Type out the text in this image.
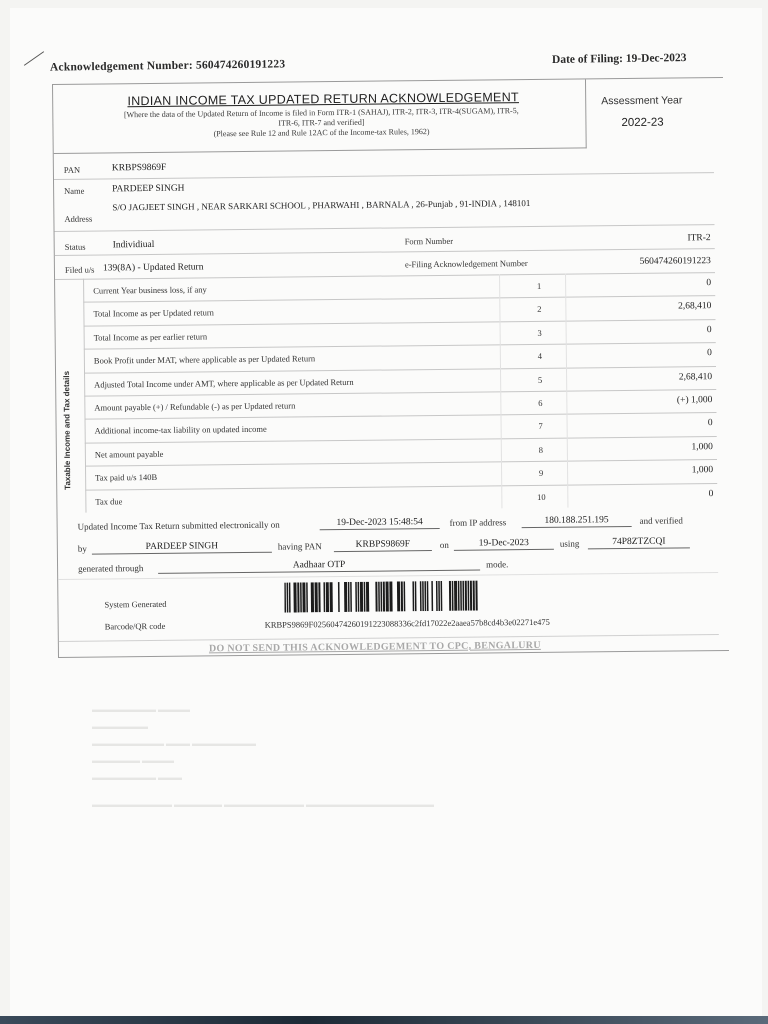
Acknowledgement Number: 560474260191223	Date of Filing: 19-Dec-2023
INDIAN INCOME TAX UPDATED RETURN ACKNOWLEDGEMENT
[Where the data of the Updated Return of Income is filed in Form ITR-1 (SAHAJ), ITR-2, ITR-3, ITR-4(SUGAM), ITR-5,
ITR-6, ITR-7 and verified]
(Please see Rule 12 and Rule 12AC of the Income-tax Rules, 1962)
Assessment Year
2022-23
PAN	KRBPS9869F
Name	PARDEEP SINGH
S/O JAGJEET SINGH , NEAR SARKARI SCHOOL , PHARWAHI , BARNALA , 26-Punjab , 91-INDIA , 148101
Address
Status	Individiual	Form Number	ITR-2
Filed u/s 139(8A) - Updated Return	e-Filing Acknowledgement Number	560474260191223
Taxable Income and Tax details
Current Year business loss, if any	1	0
Total Income as per Updated return	2	2,68,410
Total Income as per earlier return	3	0
Book Profit under MAT, where applicable as per Updated Return	4	0
Adjusted Total Income under AMT, where applicable as per Updated Return	5	2,68,410
Amount payable (+) / Refundable (-) as per Updated return	6	(+) 1,000
Additional income-tax liability on updated income	7	0
Net amount payable	8	1,000
Tax paid u/s 140B	9	1,000
Tax due	10	0
Updated Income Tax Return submitted electronically on	19-Dec-2023 15:48:54	from IP address	180.188.251.195	and verified
by	PARDEEP SINGH	having PAN	KRBPS9869F	on	19-Dec-2023	using	74P8ZTZCQI
generated through	Aadhaar OTP	mode.
System Generated
Barcode/QR code	KRBPS9869F02560474260191223088336c2fd17022e2aaea57b8cd4b3e02271e475
DO NOT SEND THIS ACKNOWLEDGEMENT TO CPC, BENGALURU
▬▬▬▬▬▬▬▬ ▬▬▬▬
▬▬▬▬▬▬▬
▬▬▬▬▬▬▬▬▬ ▬▬▬ ▬▬▬▬▬▬▬▬
▬▬▬▬▬▬ ▬▬▬▬
▬▬▬▬▬▬▬▬ ▬▬▬
▬▬▬▬▬▬▬▬▬▬ ▬▬▬▬▬▬ ▬▬▬▬▬▬▬▬▬▬ ▬▬▬▬▬▬▬▬▬▬▬▬▬▬▬▬
